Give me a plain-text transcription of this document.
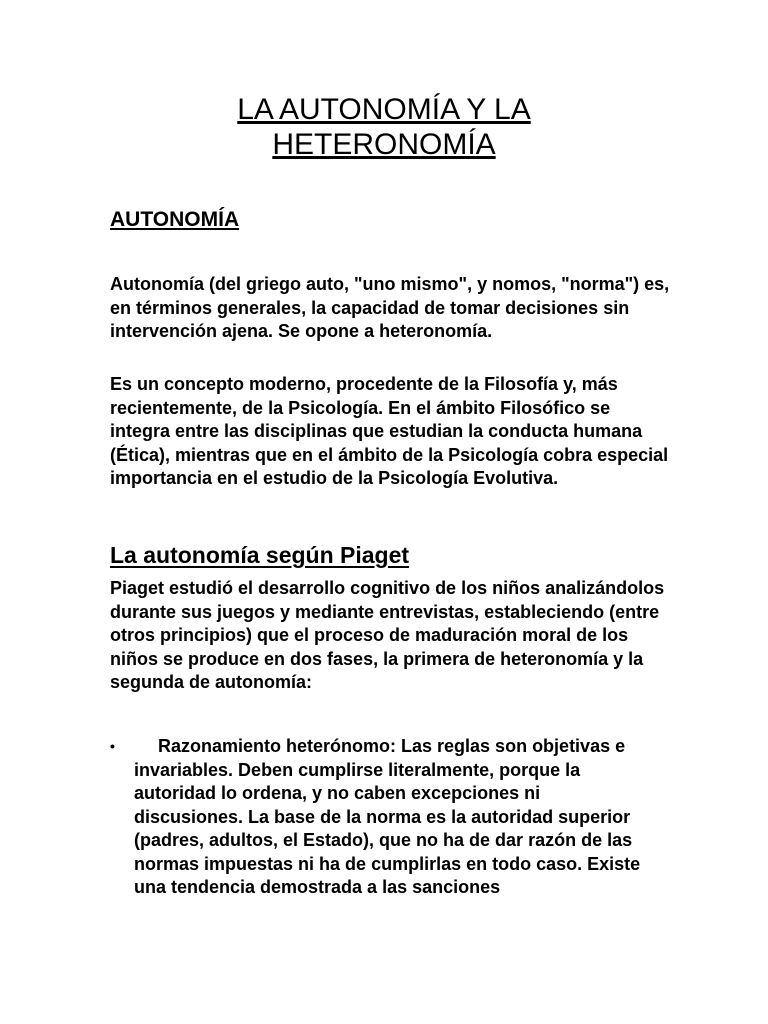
LA AUTONOMÍA Y LA
HETERONOMÍA
AUTONOMÍA

Autonomía (del griego auto, "uno mismo", y nomos, "norma") es, en términos generales, la capacidad de tomar decisiones sin intervención ajena. Se opone a heteronomía.

Es un concepto moderno, procedente de la Filosofía y, más recientemente, de la Psicología. En el ámbito Filosófico se integra entre las disciplinas que estudian la conducta humana (Ética), mientras que en el ámbito de la Psicología cobra especial importancia en el estudio de la Psicología Evolutiva.

La autonomía según Piaget

Piaget estudió el desarrollo cognitivo de los niños analizándolos durante sus juegos y mediante entrevistas, estableciendo (entre otros principios) que el proceso de maduración moral de los niños se produce en dos fases, la primera de heteronomía y la segunda de autonomía:

•	Razonamiento heterónomo: Las reglas son objetivas e invariables. Deben cumplirse literalmente, porque la autoridad lo ordena, y no caben excepciones ni discusiones. La base de la norma es la autoridad superior (padres, adultos, el Estado), que no ha de dar razón de las normas impuestas ni ha de cumplirlas en todo caso. Existe una tendencia demostrada a las sanciones
